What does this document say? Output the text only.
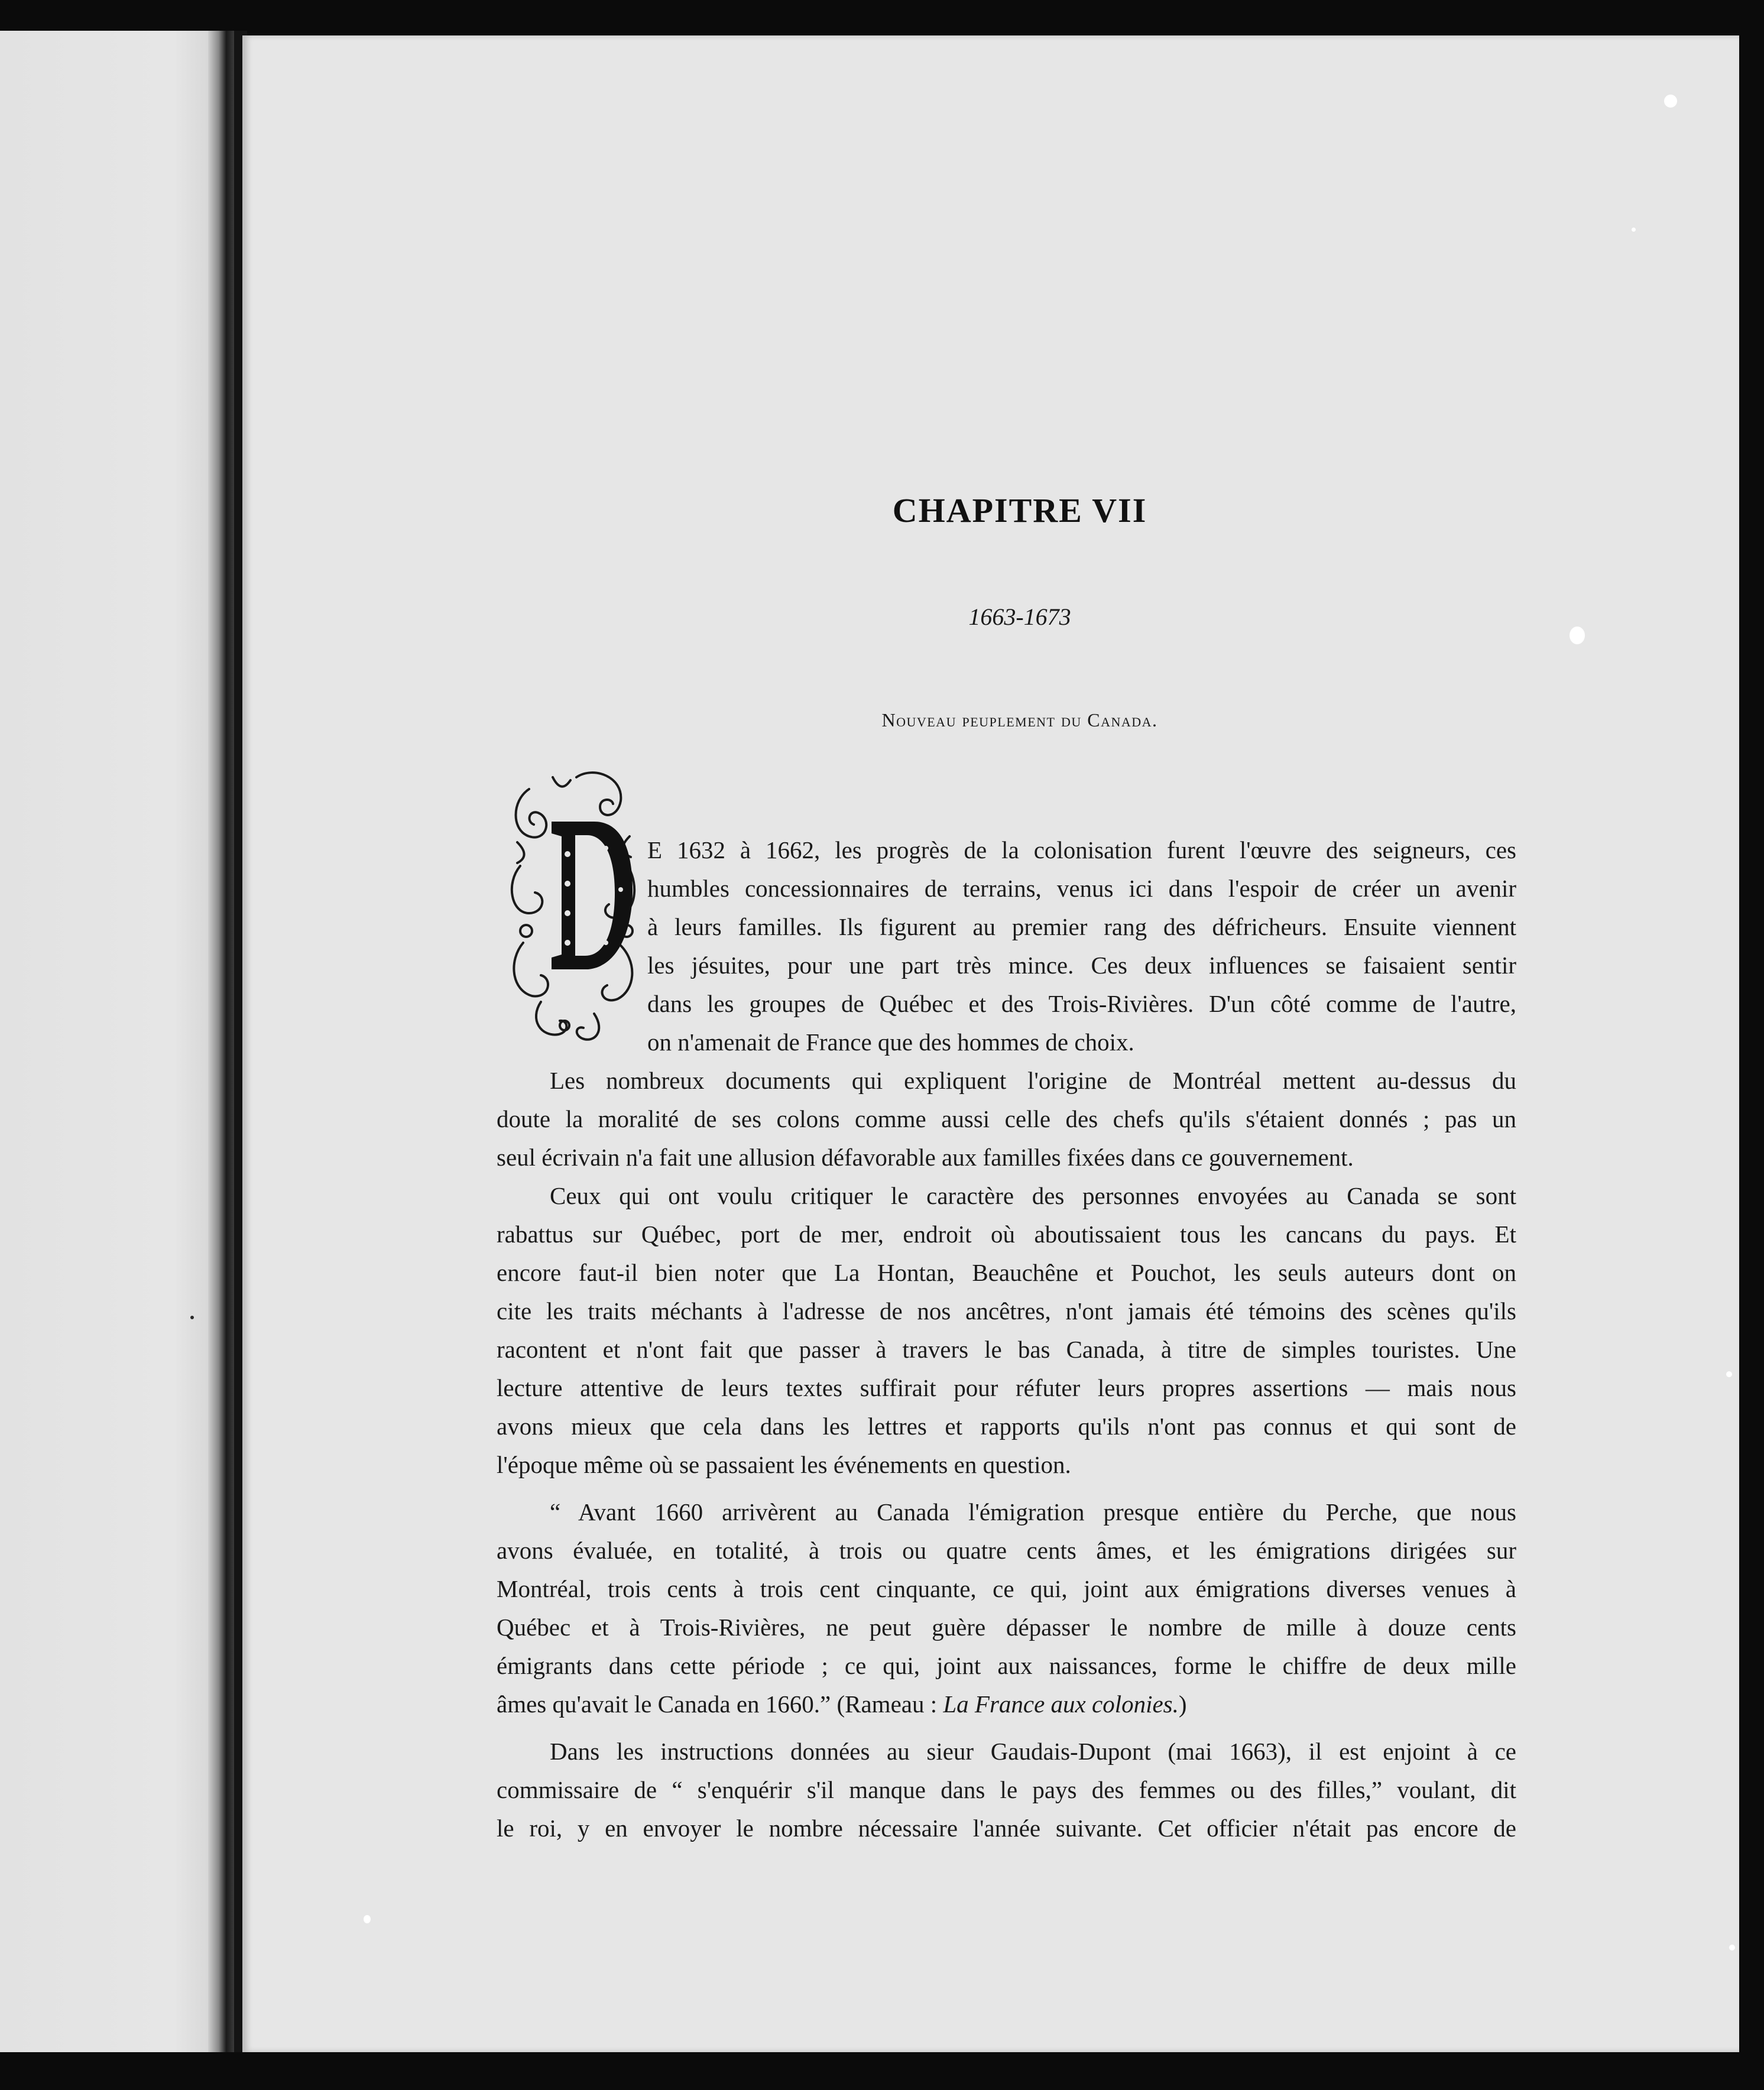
CHAPITRE VII
1663-1673
Nouveau peuplement du Canada.
E 1632 à 1662, les progrès de la colonisation furent l'œuvre des seigneurs, ces
humbles concessionnaires de terrains, venus ici dans l'espoir de créer un avenir
à leurs familles. Ils figurent au premier rang des défricheurs. Ensuite viennent
les jésuites, pour une part très mince. Ces deux influences se faisaient sentir
dans les groupes de Québec et des Trois-Rivières. D'un côté comme de l'autre,
on n'amenait de France que des hommes de choix.
Les nombreux documents qui expliquent l'origine de Montréal mettent au-dessus du
doute la moralité de ses colons comme aussi celle des chefs qu'ils s'étaient donnés ; pas un
seul écrivain n'a fait une allusion défavorable aux familles fixées dans ce gouvernement.
Ceux qui ont voulu critiquer le caractère des personnes envoyées au Canada se sont
rabattus sur Québec, port de mer, endroit où aboutissaient tous les cancans du pays. Et
encore faut-il bien noter que La Hontan, Beauchêne et Pouchot, les seuls auteurs dont on
cite les traits méchants à l'adresse de nos ancêtres, n'ont jamais été témoins des scènes qu'ils
racontent et n'ont fait que passer à travers le bas Canada, à titre de simples touristes. Une
lecture attentive de leurs textes suffirait pour réfuter leurs propres assertions — mais nous
avons mieux que cela dans les lettres et rapports qu'ils n'ont pas connus et qui sont de
l'époque même où se passaient les événements en question.
“ Avant 1660 arrivèrent au Canada l'émigration presque entière du Perche, que nous
avons évaluée, en totalité, à trois ou quatre cents âmes, et les émigrations dirigées sur
Montréal, trois cents à trois cent cinquante, ce qui, joint aux émigrations diverses venues à
Québec et à Trois-Rivières, ne peut guère dépasser le nombre de mille à douze cents
émigrants dans cette période ; ce qui, joint aux naissances, forme le chiffre de deux mille
âmes qu'avait le Canada en 1660.” (Rameau : La France aux colonies.)
Dans les instructions données au sieur Gaudais-Dupont (mai 1663), il est enjoint à ce
commissaire de “ s'enquérir s'il manque dans le pays des femmes ou des filles,” voulant, dit
le roi, y en envoyer le nombre nécessaire l'année suivante. Cet officier n'était pas encore de
